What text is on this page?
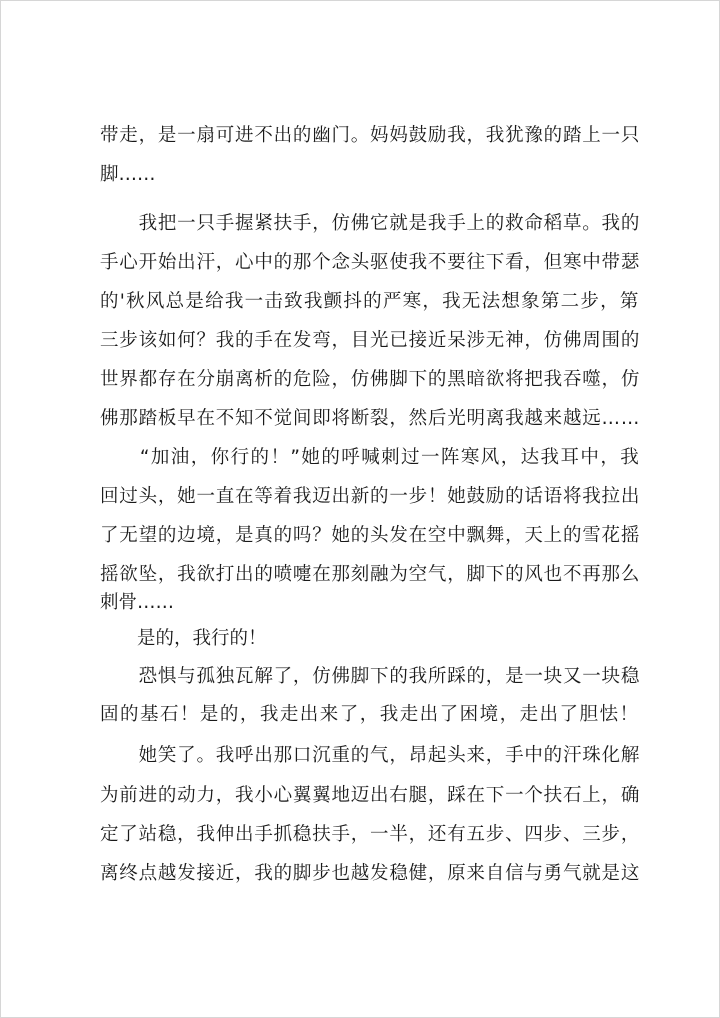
带走，是一扇可进不出的幽门。妈妈鼓励我，我犹豫的踏上一只
脚……
　　我把一只手握紧扶手，仿佛它就是我手上的救命稻草。我的
手心开始出汗，心中的那个念头驱使我不要往下看，但寒中带瑟
的'秋风总是给我一击致我颤抖的严寒，我无法想象第二步，第
三步该如何？我的手在发弯，目光已接近呆涉无神，仿佛周围的
世界都存在分崩离析的危险，仿佛脚下的黑暗欲将把我吞噬，仿
佛那踏板早在不知不觉间即将断裂，然后光明离我越来越远……
　　“加油，你行的！”她的呼喊刺过一阵寒风，达我耳中，我
回过头，她一直在等着我迈出新的一步！她鼓励的话语将我拉出
了无望的边境，是真的吗？她的头发在空中飘舞，天上的雪花摇
摇欲坠，我欲打出的喷嚏在那刻融为空气，脚下的风也不再那么
刺骨……
　　是的，我行的！
　　恐惧与孤独瓦解了，仿佛脚下的我所踩的，是一块又一块稳
固的基石！是的，我走出来了，我走出了困境，走出了胆怯！
　　她笑了。我呼出那口沉重的气，昂起头来，手中的汗珠化解
为前进的动力，我小心翼翼地迈出右腿，踩在下一个扶石上，确
定了站稳，我伸出手抓稳扶手，一半，还有五步、四步、三步，
离终点越发接近，我的脚步也越发稳健，原来自信与勇气就是这
